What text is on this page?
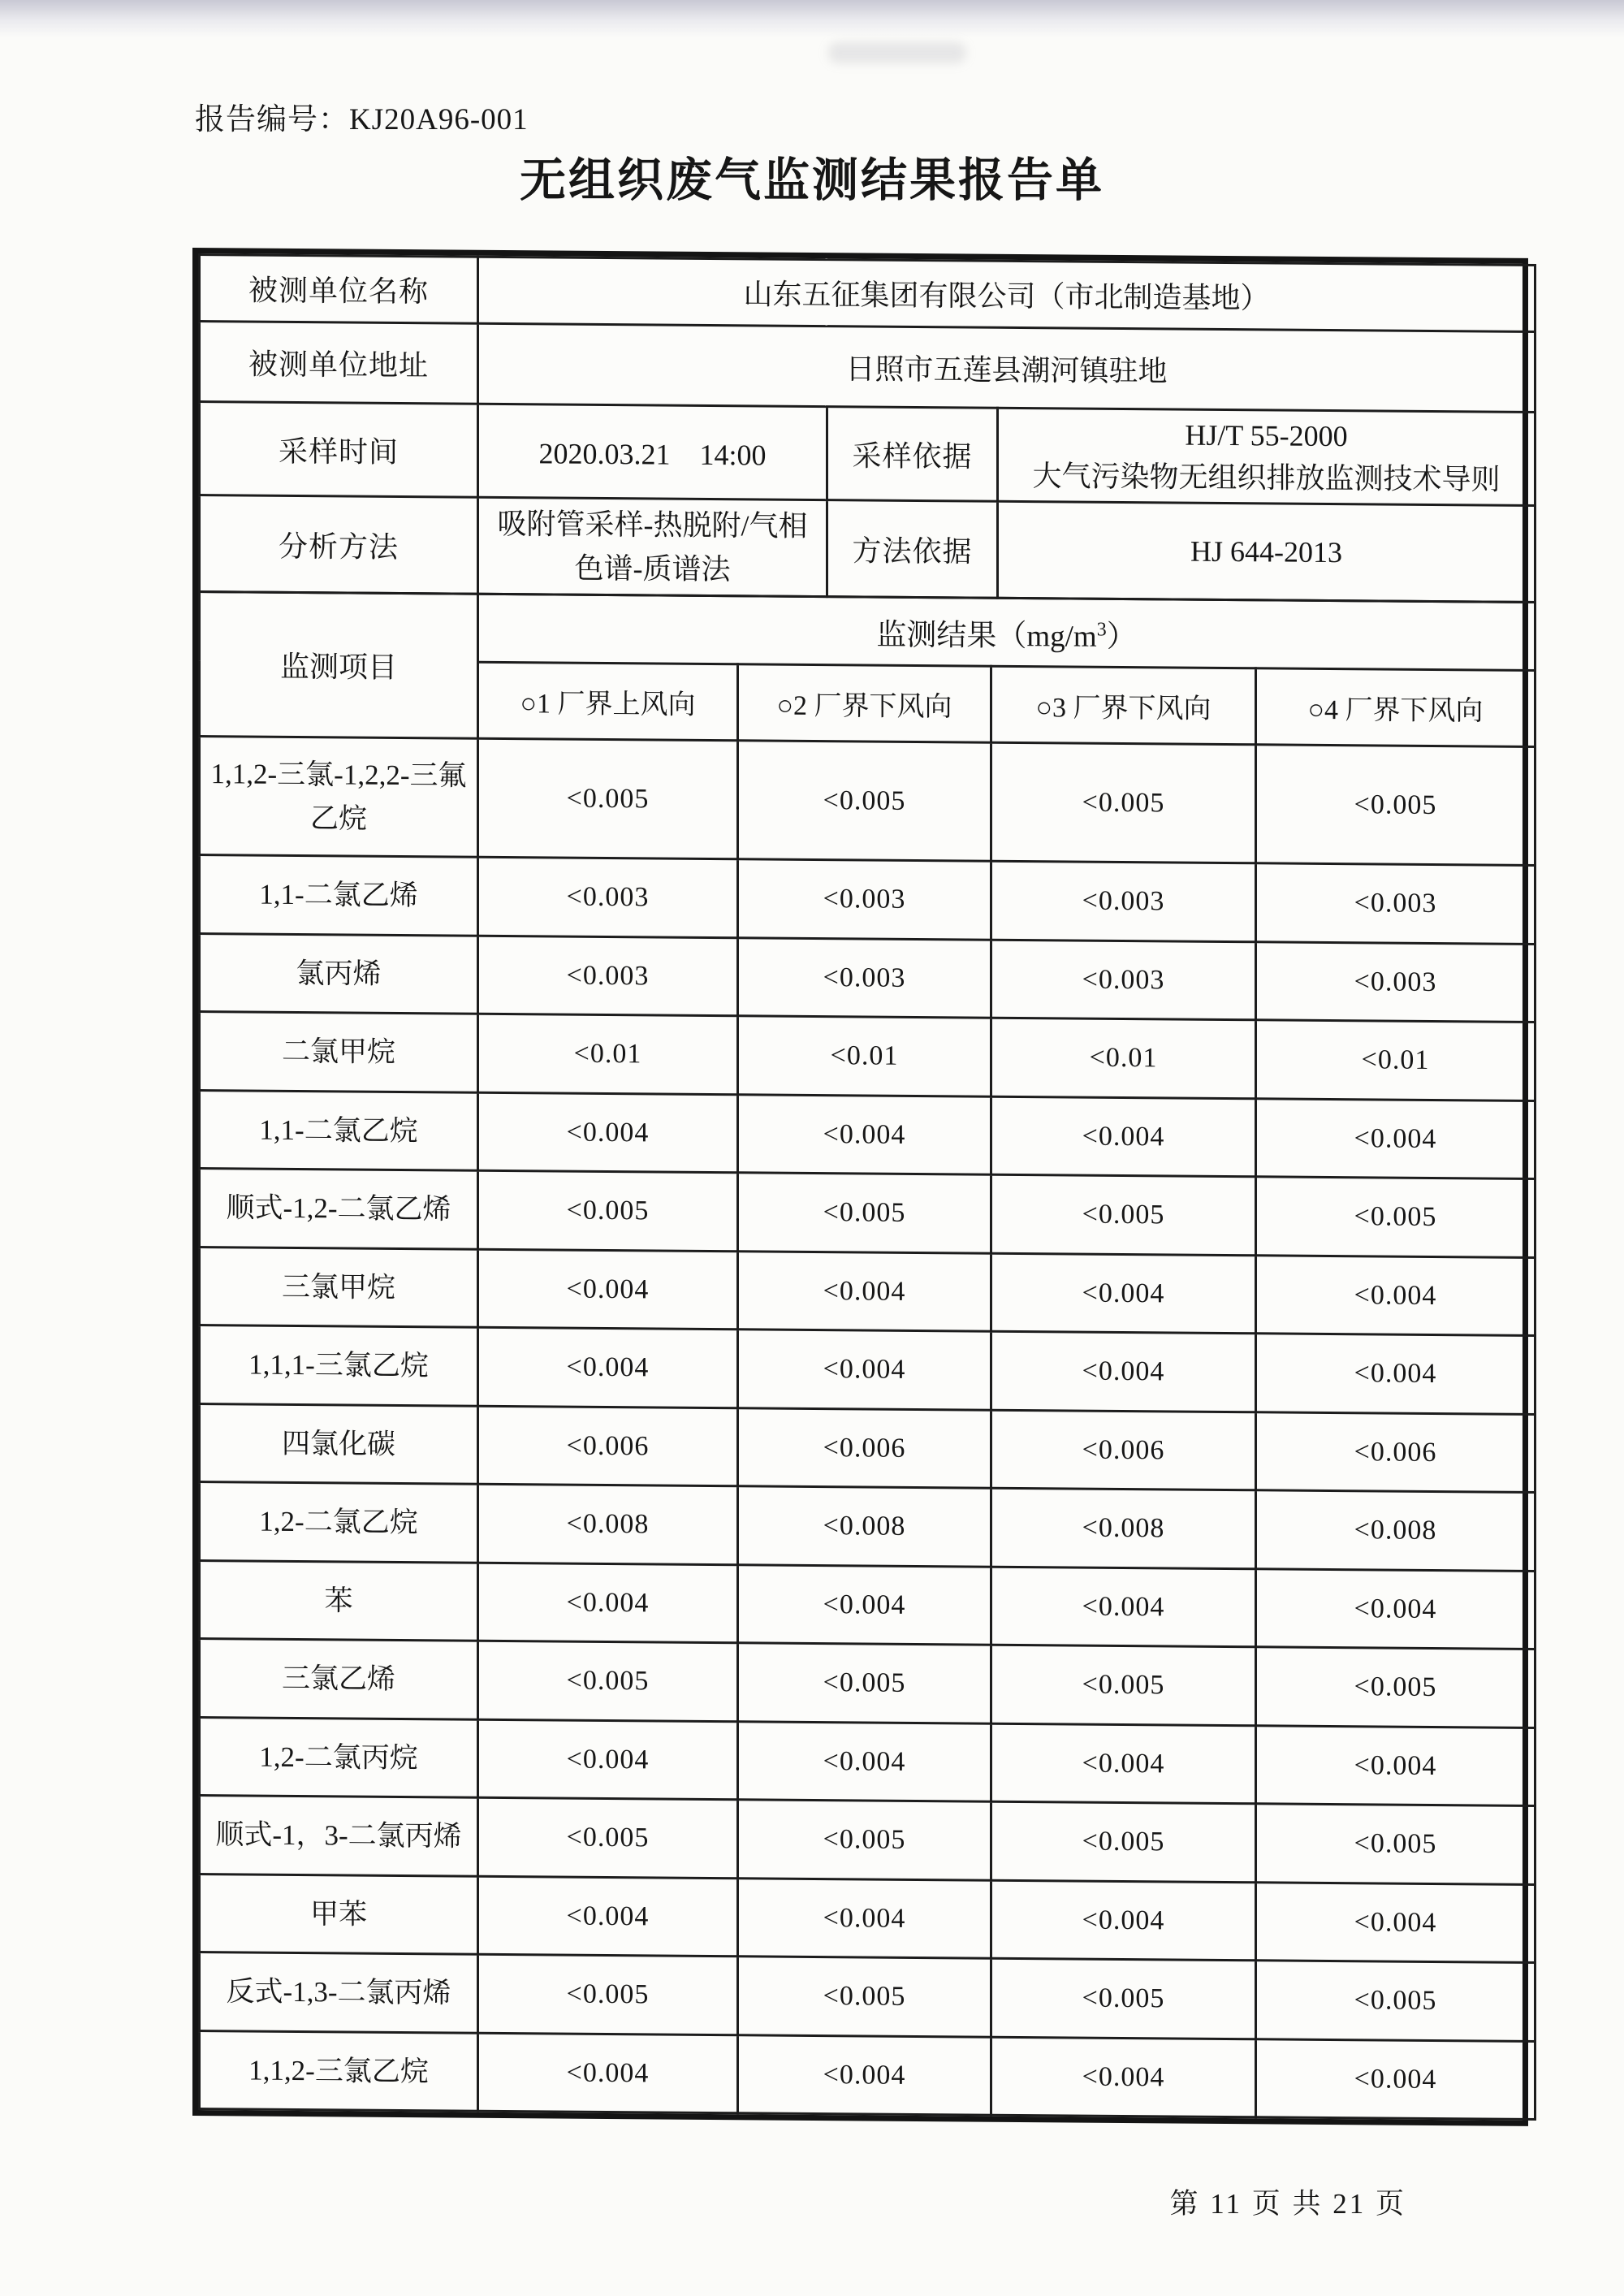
报告编号：KJ20A96-001
无组织废气监测结果报告单
被测单位名称	山东五征集团有限公司（市北制造基地）		
被测单位地址	日照市五莲县潮河镇驻地		
采样时间	2020.03.21　14:00	采样依据	HJ/T 55-2000
大气污染物无组织排放监测技术导则

分析方法	吸附管采样-热脱附/气相色谱-质谱法	方法依据	HJ 644-2013
监测项目	监测结果$(mg/m^3)$			
	○1 厂界上风向	○2 厂界下风向	○3 厂界下风向	○4 厂界下风向
1,1,2-三氯-1,2,2-三氟乙烷	<0.005	<0.005	<0.005	<0.005
1,1-二氯乙烯	<0.003	<0.003	<0.003	<0.003
氯丙烯	<0.003	<0.003	<0.003	<0.003
二氯甲烷	<0.01	<0.01	<0.01	<0.01
1,1-二氯乙烷	<0.004	<0.004	<0.004	<0.004
顺式-1,2-二氯乙烯	<0.005	<0.005	<0.005	<0.005
三氯甲烷	<0.004	<0.004	<0.004	<0.004
1,1,1-三氯乙烷	<0.004	<0.004	<0.004	<0.004
四氯化碳	<0.006	<0.006	<0.006	<0.006
1,2-二氯乙烷	<0.008	<0.008	<0.008	<0.008
苯	<0.004	<0.004	<0.004	<0.004
三氯乙烯	<0.005	<0.005	<0.005	<0.005
1,2-二氯丙烷	<0.004	<0.004	<0.004	<0.004
顺式-1，3-二氯丙烯	<0.005	<0.005	<0.005	<0.005
甲苯	<0.004	<0.004	<0.004	<0.004
反式-1,3-二氯丙烯	<0.005	<0.005	<0.005	<0.005
1,1,2-三氯乙烷	<0.004	<0.004	<0.004	<0.004
第 11 页 共 21 页
